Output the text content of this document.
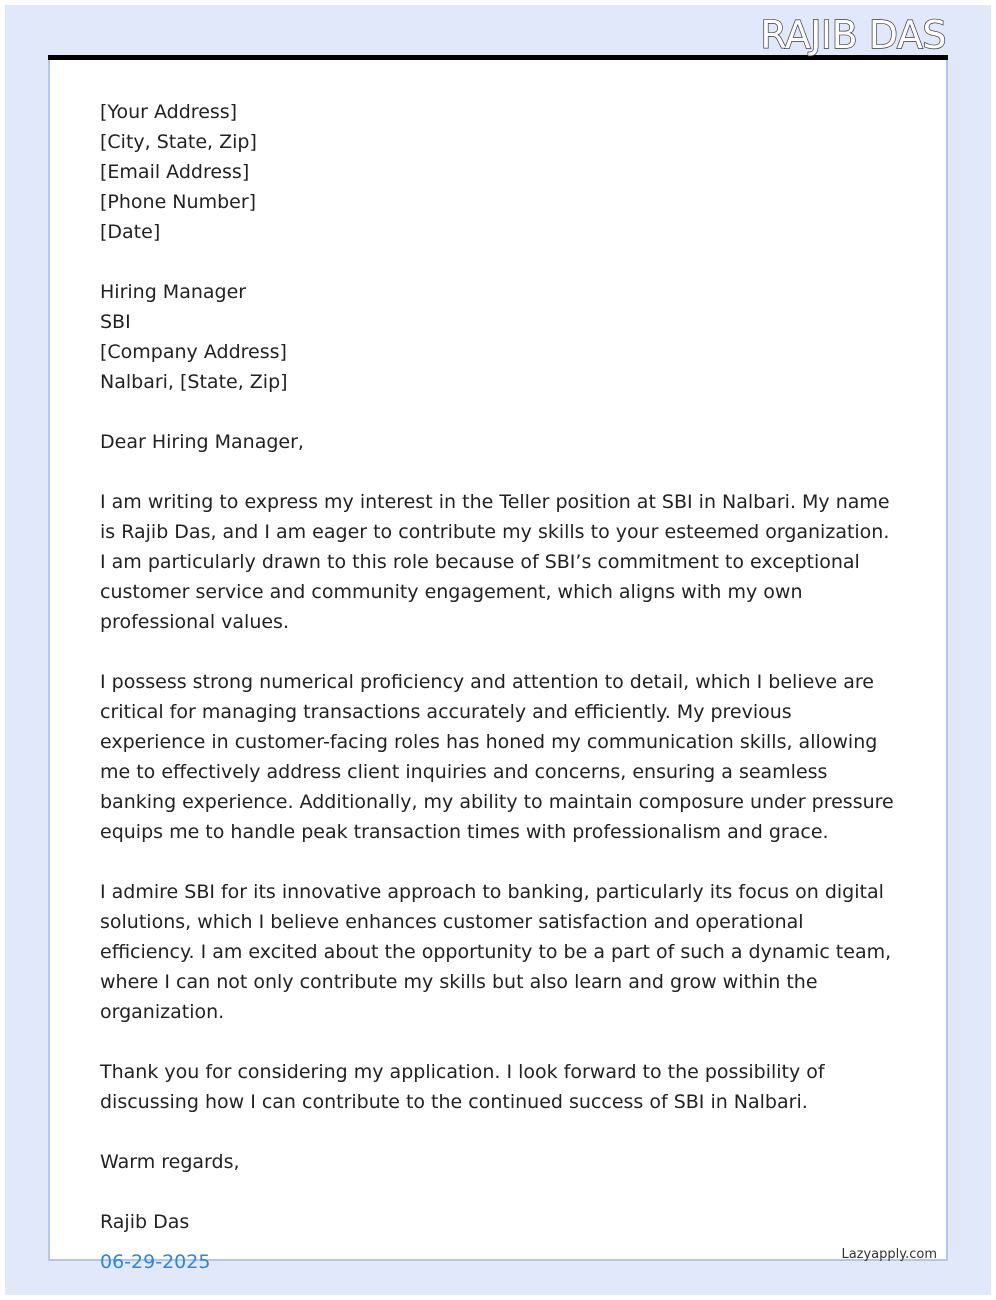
RAJIB DAS
[Your Address]
[City, State, Zip]
[Email Address]
[Phone Number]
[Date]
Hiring Manager
SBI
[Company Address]
Nalbari, [State, Zip]
Dear Hiring Manager,

I am writing to express my interest in the Teller position at SBI in Nalbari. My name is Rajib Das, and I am eager to contribute my skills to your esteemed organization. I am particularly drawn to this role because of SBI’s commitment to exceptional customer service and community engagement, which aligns with my own professional values.

I possess strong numerical proficiency and attention to detail, which I believe are critical for managing transactions accurately and efficiently. My previous experience in customer-facing roles has honed my communication skills, allowing me to effectively address client inquiries and concerns, ensuring a seamless banking experience. Additionally, my ability to maintain composure under pressure equips me to handle peak transaction times with professionalism and grace.

I admire SBI for its innovative approach to banking, particularly its focus on digital solutions, which I believe enhances customer satisfaction and operational efficiency. I am excited about the opportunity to be a part of such a dynamic team, where I can not only contribute my skills but also learn and grow within the organization.

Thank you for considering my application. I look forward to the possibility of discussing how I can contribute to the continued success of SBI in Nalbari.

Warm regards,
Rajib Das
06-29-2025	Lazyapply.com
